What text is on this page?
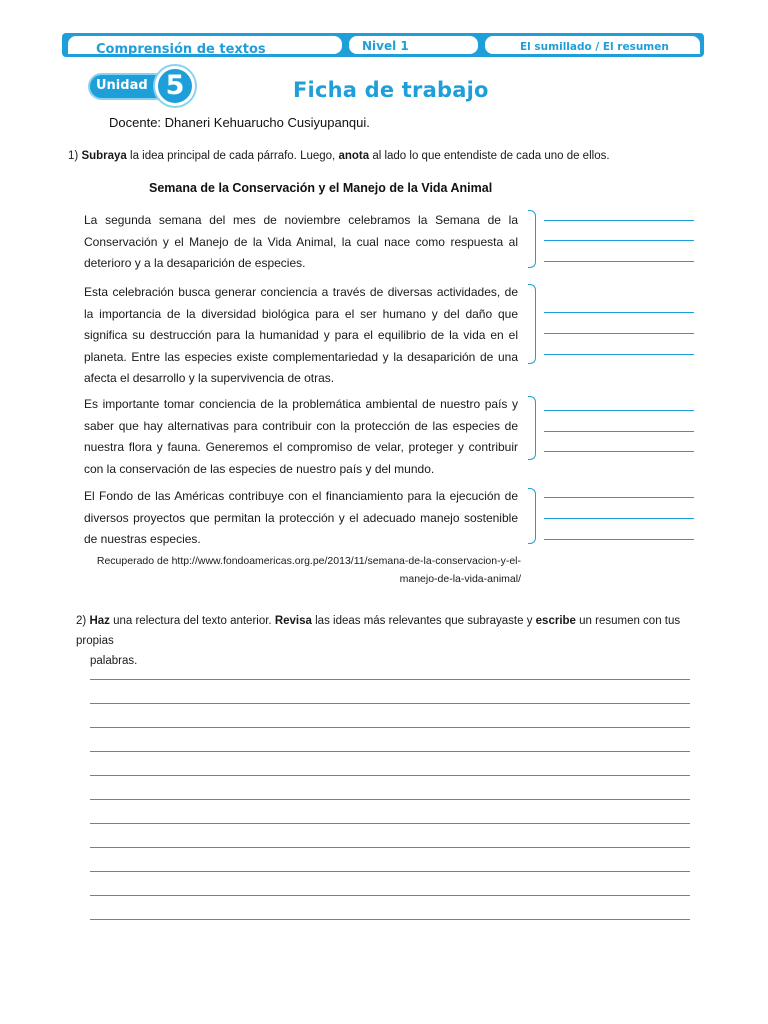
Comprensión de textos	Nivel 1	El sumillado / El resumen
Unidad 5	Ficha de trabajo
Docente: Dhaneri Kehuarucho Cusiyupanqui.

1) Subraya la idea principal de cada párrafo. Luego, anota al lado lo que entendiste de cada uno de ellos.

Semana de la Conservación y el Manejo de la Vida Animal

La segunda semana del mes de noviembre celebramos la Semana de la Conservación y el Manejo de la Vida Animal, la cual nace como respuesta al deterioro y a la desaparición de especies.

Esta celebración busca generar conciencia a través de diversas actividades, de la importancia de la diversidad biológica para el ser humano y del daño que significa su destrucción para la humanidad y para el equilibrio de la vida en el planeta. Entre las especies existe complementariedad y la desaparición de una afecta el desarrollo y la supervivencia de otras.

Es importante tomar conciencia de la problemática ambiental de nuestro país y saber que hay alternativas para contribuir con la protección de las especies de nuestra flora y fauna. Generemos el compromiso de velar, proteger y contribuir con la conservación de las especies de nuestro país y del mundo.

El Fondo de las Américas contribuye con el financiamiento para la ejecución de diversos proyectos que permitan la protección y el adecuado manejo sostenible de nuestras especies.

Recuperado de http://www.fondoamericas.org.pe/2013/11/semana-de-la-conservacion-y-el-
manejo-de-la-vida-animal/
2) Haz una relectura del texto anterior. Revisa las ideas más relevantes que subrayaste y escribe un resumen con tus propias
palabras.
